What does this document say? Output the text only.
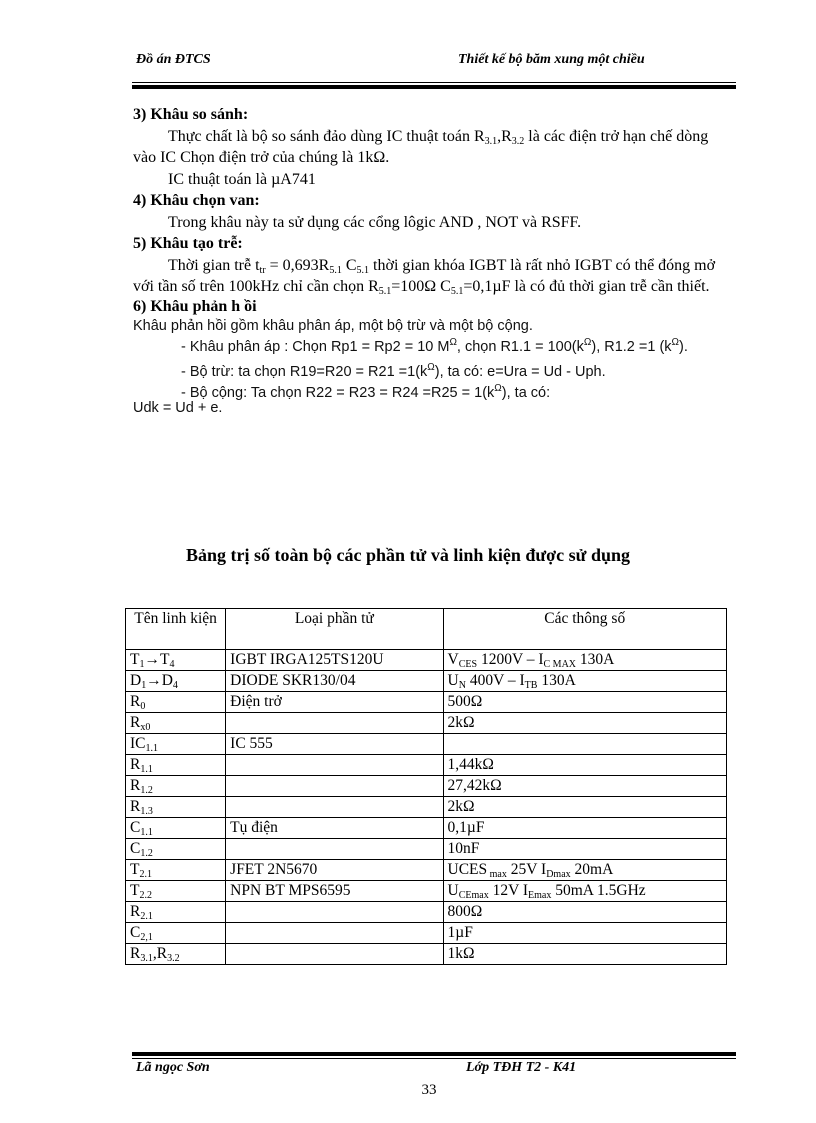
Đồ án ĐTCS	Thiết kế bộ băm xung một chiều

3) Khâu so sánh:

Thực chất là bộ so sánh đảo dùng IC thuật toán $R_{3.1},R_{3.2}$ là các điện trở hạn chế dòng vào IC Chọn điện trở của chúng là 1kΩ.

IC thuật toán là µA741

4) Khâu chọn van:

Trong khâu này ta sử dụng các cổng lôgic AND , NOT và RSFF.

5) Khâu tạo trễ:

Thời gian trễ $t_{tr} = 0,693R_{5.1}$ $C_{5.1}$ thời gian khóa IGBT là rất nhỏ IGBT có thể đóng mở với tần số trên 100kHz chỉ cần chọn $R_{5.1}=100\Omega$ $C_{5.1}=0,1\mu F$ là có đủ thời gian trễ cần thiết.

6) Khâu phản h ồi

Khâu phản hồi gồm khâu phân áp, một bộ trừ và một bộ cộng.

- Khâu phân áp : Chọn Rp1 = Rp2 = 10 $M^\Omega$, chọn $R1.1 = 100(k^\Omega)$, R1.2 =1 $(k^\Omega)$.

- Bộ trừ: ta chọn $R19=R20 = R21 =1(k^\Omega)$, ta có: e=Ura = Ud - Uph.

- Bộ cộng: Ta chọn $R22 = R23 = R24 =R25 = 1(k^\Omega)$, ta có:

Udk = Ud + e.

Bảng trị số toàn bộ các phần tử và linh kiện được sử dụng
Tên linh kiện	Loại phần tử	Các thông số
$T_1\to T_4$	IGBT IRGA125TS120U	$V_{CES}$ $1200V - I_{C MAX}$ 130A
$D_1\to D_4$	DIODE SKR130/04	$U_N$ $400V - I_{TB}$ 130A
$R_0$	Điện trở	500Ω
$R_{x0}$		2kΩ
$IC_{1.1}$	IC 555	
$R_{1.1}$		1,44kΩ
$R_{1.2}$		27,42kΩ
$R_{1.3}$		2kΩ
$C_{1.1}$	Tụ điện	0,1µF
$C_{1.2}$		10nF
$T_{2.1}$	JFET 2N5670	UCES $_{max}$ 25V $I_{Dmax}$ 20mA
$T_{2.2}$	NPN BT MPS6595	$U_{CEmax}$ 12V $I_{Emax}$ 50mA 1.5GHz
$R_{2.1}$		800Ω
$C_{2,1}$		1µF
$R_{3.1},R_{3.2}$		1kΩ
Lã ngọc Sơn	Lớp TĐH T2 - K41
33
